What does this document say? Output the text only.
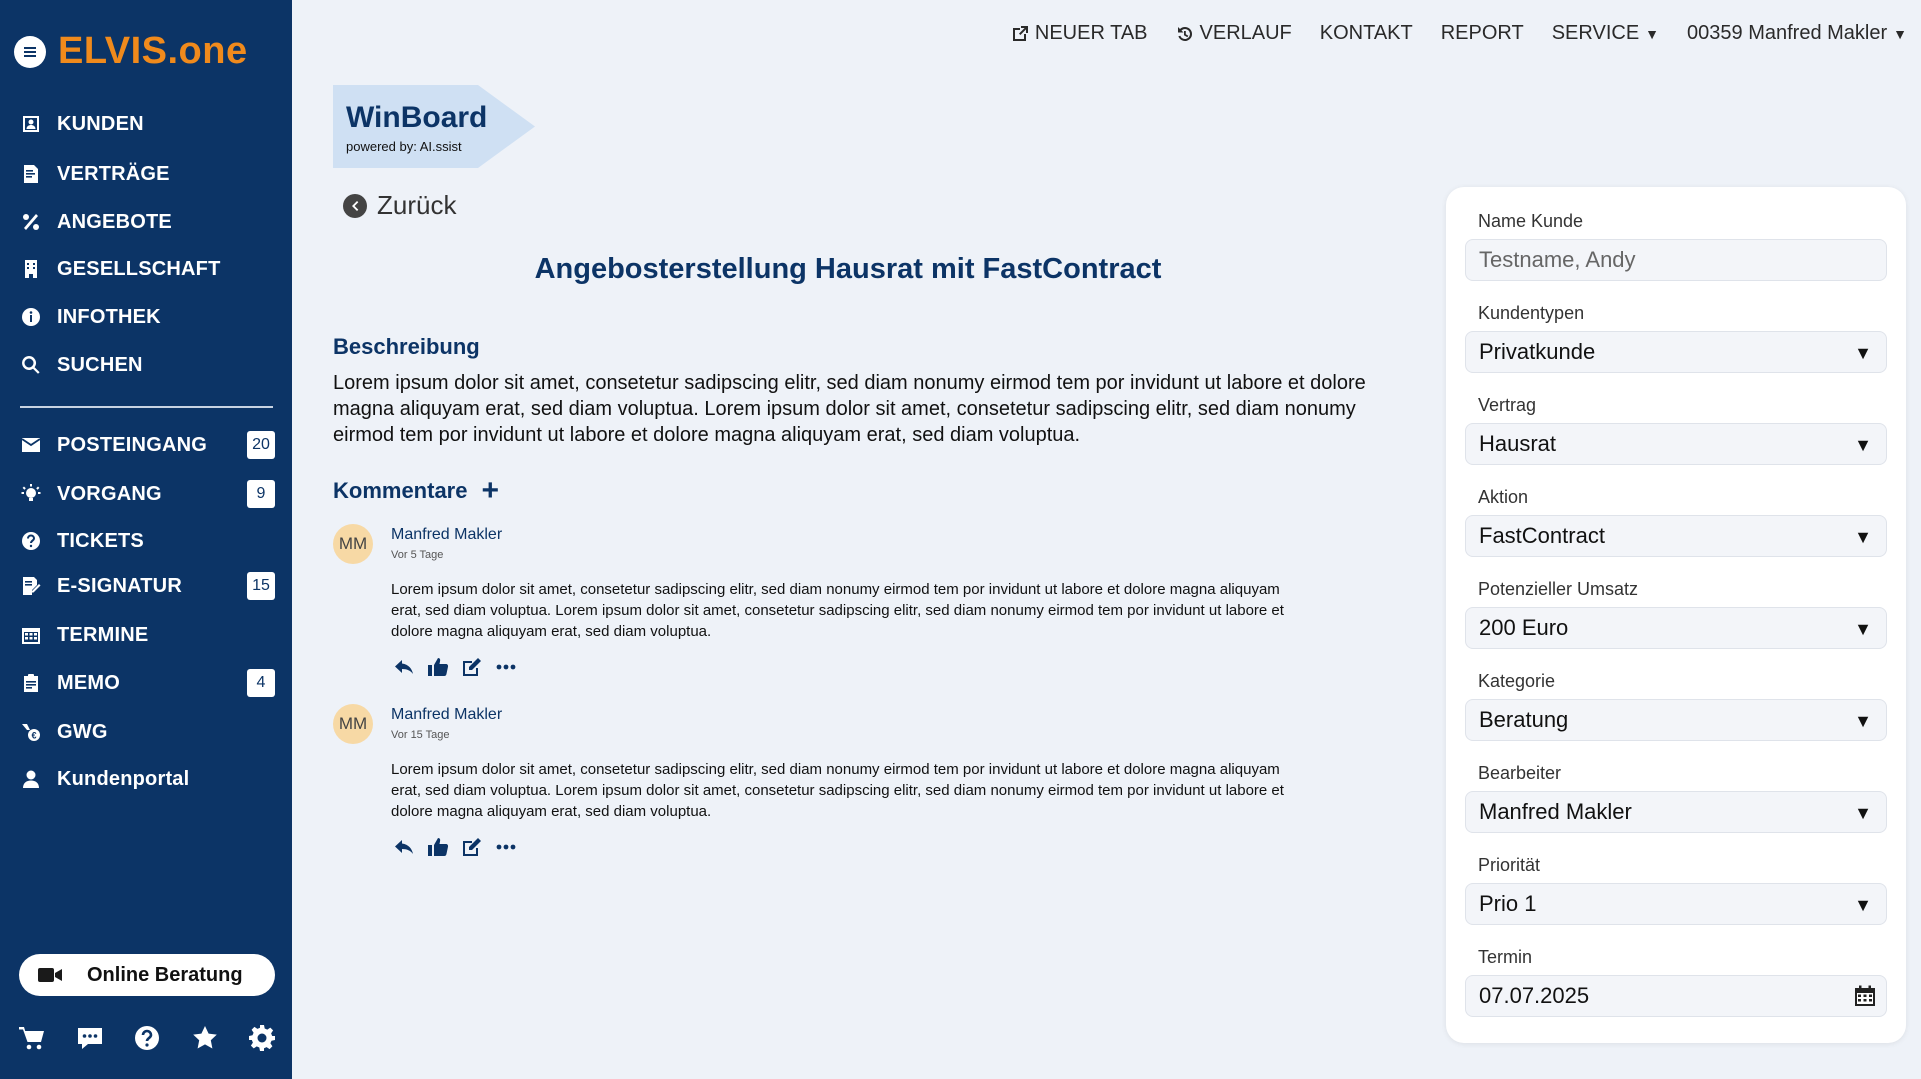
ELVIS.one
KUNDEN
VERTRÄGE
ANGEBOTE
GESELLSCHAFT
INFOTHEK
SUCHEN
POSTEINGANG	20
VORGANG	9
TICKETS
E-SIGNATUR	15
TERMINE
MEMO	4
€ GWG
Kundenportal
Online Beratung
NEUER TAB	VERLAUF KONTAKT REPORT SERVICE ▼ 00359 Manfred Makler ▼
WinBoard
powered by: AI.ssist
Zurück
Angebosterstellung Hausrat mit FastContract
Beschreibung
Lorem ipsum dolor sit amet, consetetur sadipscing elitr, sed diam nonumy eirmod tem por invidunt ut labore et dolore magna aliquyam erat, sed diam voluptua. Lorem ipsum dolor sit amet, consetetur sadipscing elitr, sed diam nonumy eirmod tem por invidunt ut labore et dolore magna aliquyam erat, sed diam voluptua.
Kommentare +
MM	Manfred Makler
Vor 5 Tage
Lorem ipsum dolor sit amet, consetetur sadipscing elitr, sed diam nonumy eirmod tem por invidunt ut labore et dolore magna aliquyam erat, sed diam voluptua. Lorem ipsum dolor sit amet, consetetur sadipscing elitr, sed diam nonumy eirmod tem por invidunt ut labore et dolore magna aliquyam erat, sed diam voluptua.
MM	Manfred Makler
Vor 15 Tage
Lorem ipsum dolor sit amet, consetetur sadipscing elitr, sed diam nonumy eirmod tem por invidunt ut labore et dolore magna aliquyam erat, sed diam voluptua. Lorem ipsum dolor sit amet, consetetur sadipscing elitr, sed diam nonumy eirmod tem por invidunt ut labore et dolore magna aliquyam erat, sed diam voluptua.
Name Kunde
Testname, Andy
Kundentypen
Privatkunde	▼
Vertrag
Hausrat	▼
Aktion
FastContract	▼
Potenzieller Umsatz
200 Euro	▼
Kategorie
Beratung	▼
Bearbeiter
Manfred Makler	▼
Priorität
Prio 1	▼
Termin
07.07.2025
